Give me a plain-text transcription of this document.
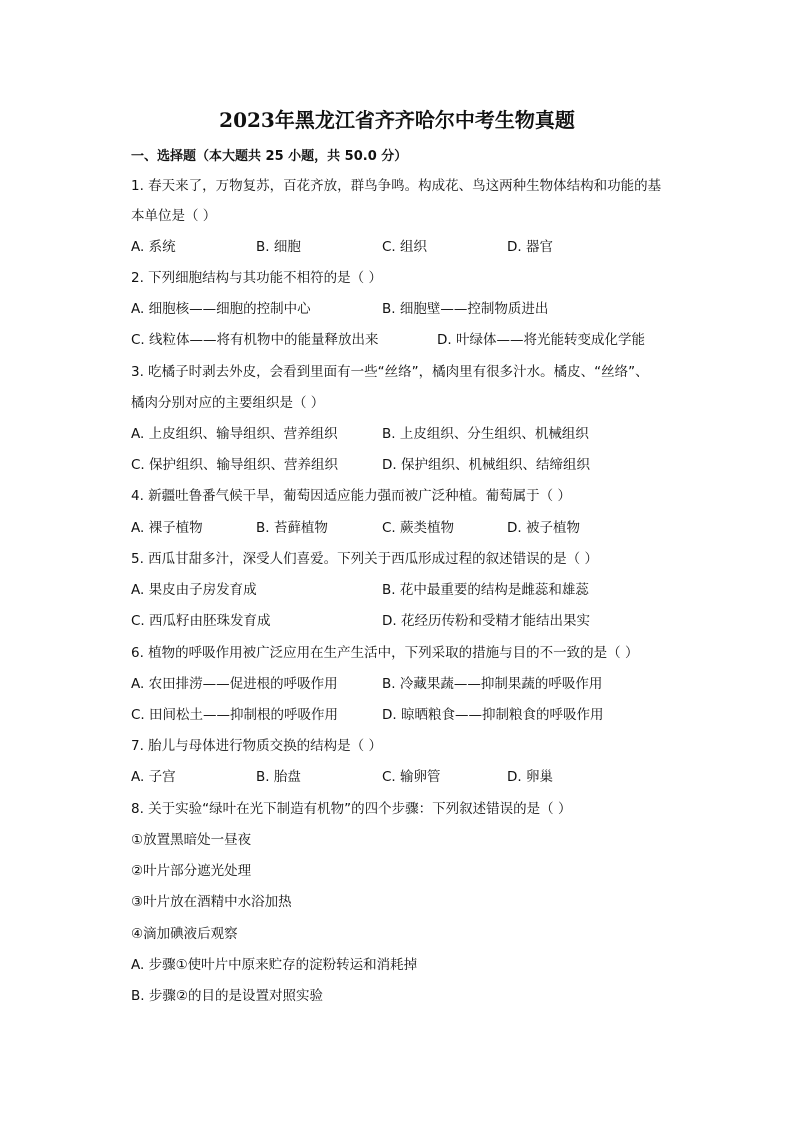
2023年黑龙江省齐齐哈尔中考生物真题
一、选择题（本大题共 25 小题，共 50.0 分）
1. 春天来了，万物复苏，百花齐放，群鸟争鸣。构成花、鸟这两种生物体结构和功能的基
本单位是（ ）
A. 系统	B. 细胞	C. 组织	D. 器官
2. 下列细胞结构与其功能不相符的是（ ）
A. 细胞核——细胞的控制中心	B. 细胞壁——控制物质进出
C. 线粒体——将有机物中的能量释放出来	D. 叶绿体——将光能转变成化学能
3. 吃橘子时剥去外皮，会看到里面有一些“丝络”，橘肉里有很多汁水。橘皮、“丝络”、
橘肉分别对应的主要组织是（ ）
A. 上皮组织、输导组织、营养组织	B. 上皮组织、分生组织、机械组织
C. 保护组织、输导组织、营养组织	D. 保护组织、机械组织、结缔组织
4. 新疆吐鲁番气候干旱，葡萄因适应能力强而被广泛种植。葡萄属于（ ）
A. 裸子植物	B. 苔藓植物	C. 蕨类植物	D. 被子植物
5. 西瓜甘甜多汁，深受人们喜爱。下列关于西瓜形成过程的叙述错误的是（ ）
A. 果皮由子房发育成	B. 花中最重要的结构是雌蕊和雄蕊
C. 西瓜籽由胚珠发育成	D. 花经历传粉和受精才能结出果实
6. 植物的呼吸作用被广泛应用在生产生活中，下列采取的措施与目的不一致的是（ ）
A. 农田排涝——促进根的呼吸作用	B. 冷藏果蔬——抑制果蔬的呼吸作用
C. 田间松土——抑制根的呼吸作用	D. 晾晒粮食——抑制粮食的呼吸作用
7. 胎儿与母体进行物质交换的结构是（ ）
A. 子宫	B. 胎盘	C. 输卵管	D. 卵巢
8. 关于实验“绿叶在光下制造有机物”的四个步骤：下列叙述错误的是（ ）
①放置黑暗处一昼夜
②叶片部分遮光处理
③叶片放在酒精中水浴加热
④滴加碘液后观察
A. 步骤①使叶片中原来贮存的淀粉转运和消耗掉
B. 步骤②的目的是设置对照实验
